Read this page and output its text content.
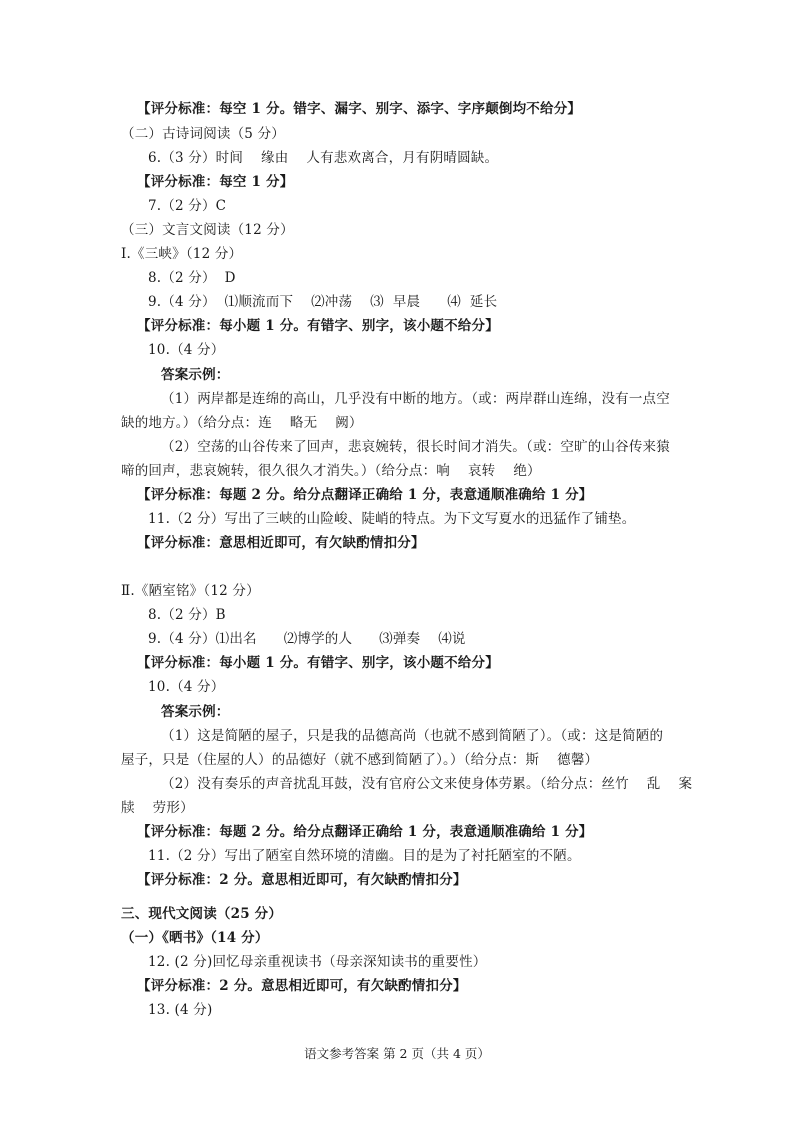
【评分标准：每空 1 分。错字、漏字、别字、添字、字序颠倒均不给分】
（二）古诗词阅读（5 分）
6.（3 分）时间    缘由    人有悲欢离合，月有阴晴圆缺。
【评分标准：每空 1 分】
7.（2 分）C
（三）文言文阅读（12 分）
Ⅰ.《三峡》（12 分）
8.（2 分）  D
9.（4 分）  ⑴顺流而下    ⑵冲荡    ⑶  早晨      ⑷  延长
【评分标准：每小题 1 分。有错字、别字，该小题不给分】
10.（4 分）
答案示例：
（1）两岸都是连绵的高山，几乎没有中断的地方。（或：两岸群山连绵，没有一点空
缺的地方。）（给分点：连    略无    阙）
（2）空荡的山谷传来了回声，悲哀婉转，很长时间才消失。（或：空旷的山谷传来猿
啼的回声，悲哀婉转，很久很久才消失。）（给分点：响    哀转    绝）
【评分标准：每题 2 分。给分点翻译正确给 1 分，表意通顺准确给 1 分】
11.（2 分）写出了三峡的山险峻、陡峭的特点。为下文写夏水的迅猛作了铺垫。
【评分标准：意思相近即可，有欠缺酌情扣分】
Ⅱ.《陋室铭》（12 分）
8.（2 分）B
9.（4 分）⑴出名      ⑵博学的人      ⑶弹奏    ⑷说
【评分标准：每小题 1 分。有错字、别字，该小题不给分】
10.（4 分）
答案示例：
（1）这是简陋的屋子，只是我的品德高尚（也就不感到简陋了）。（或：这是简陋的
屋子，只是（住屋的人）的品德好（就不感到简陋了）。）（给分点：斯    德馨）
（2）没有奏乐的声音扰乱耳鼓，没有官府公文来使身体劳累。（给分点：丝竹    乱    案
牍    劳形）
【评分标准：每题 2 分。给分点翻译正确给 1 分，表意通顺准确给 1 分】
11.（2 分）写出了陋室自然环境的清幽。目的是为了衬托陋室的不陋。
【评分标准：2 分。意思相近即可，有欠缺酌情扣分】
三、现代文阅读（25 分）
（一）《晒书》（14 分）
12. (2 分)回忆母亲重视读书（母亲深知读书的重要性）
【评分标准：2 分。意思相近即可，有欠缺酌情扣分】
13. (4 分)
语文参考答案 第 2 页（共 4 页）
